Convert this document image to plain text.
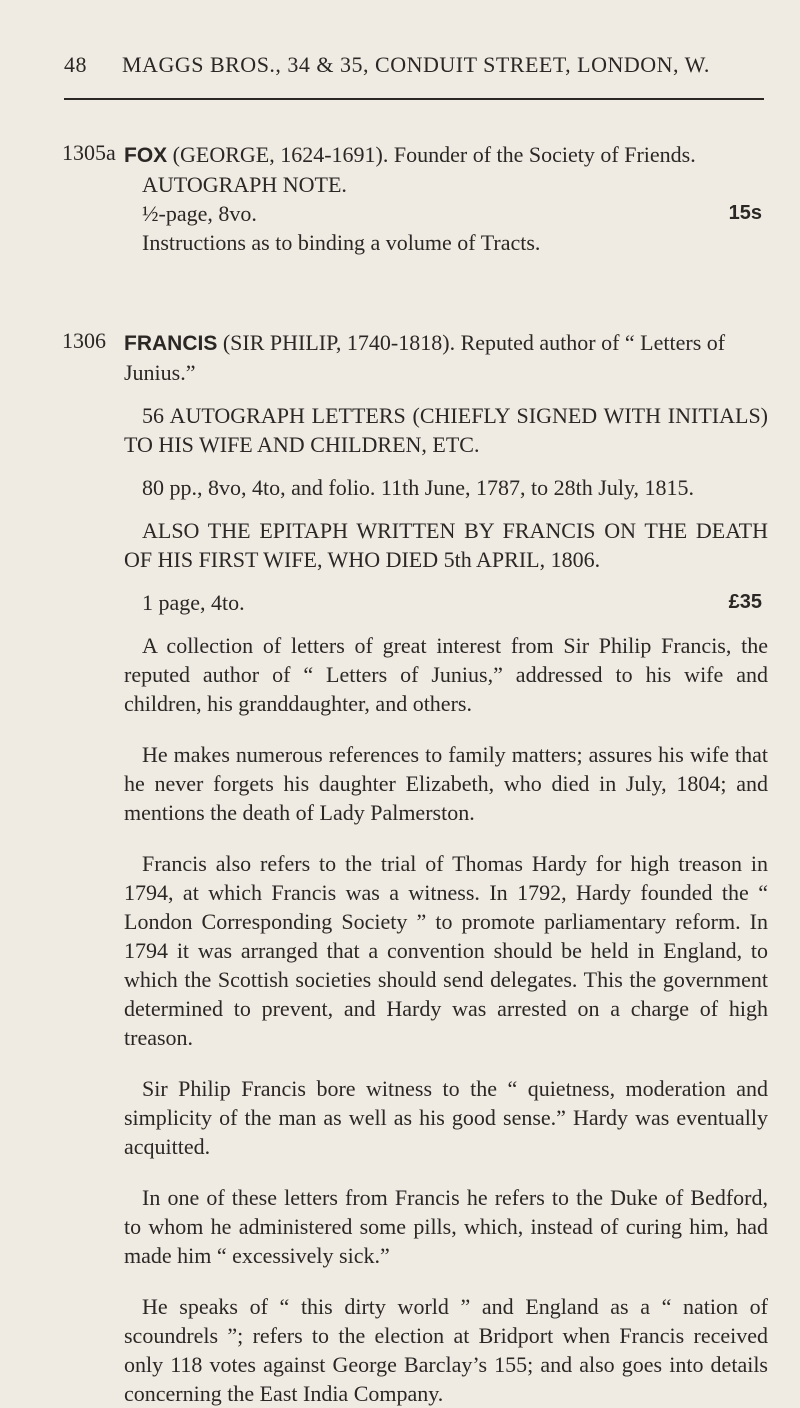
48 MAGGS BROS., 34 & 35, CONDUIT STREET, LONDON, W.
1305a FOX (GEORGE, 1624-1691). Founder of the Society of Friends.

AUTOGRAPH NOTE.

½-page, 8vo.	15s

Instructions as to binding a volume of Tracts.

1306 FRANCIS (SIR PHILIP, 1740-1818). Reputed author of “ Letters of Junius.”

56 AUTOGRAPH LETTERS (CHIEFLY SIGNED WITH INITIALS) TO HIS WIFE AND CHILDREN, ETC.

80 pp., 8vo, 4to, and folio. 11th June, 1787, to 28th July, 1815.

ALSO THE EPITAPH WRITTEN BY FRANCIS ON THE DEATH OF HIS FIRST WIFE, WHO DIED 5th APRIL, 1806.

1 page, 4to.	£35

A collection of letters of great interest from Sir Philip Francis, the reputed author of “ Letters of Junius,” addressed to his wife and children, his granddaughter, and others.

He makes numerous references to family matters; assures his wife that he never forgets his daughter Elizabeth, who died in July, 1804; and mentions the death of Lady Palmerston.

Francis also refers to the trial of Thomas Hardy for high treason in 1794, at which Francis was a witness. In 1792, Hardy founded the “ London Corresponding Society ” to promote parliamentary reform. In 1794 it was arranged that a convention should be held in England, to which the Scottish societies should send delegates. This the government determined to prevent, and Hardy was arrested on a charge of high treason.

Sir Philip Francis bore witness to the “ quietness, moderation and simplicity of the man as well as his good sense.” Hardy was eventually acquitted.

In one of these letters from Francis he refers to the Duke of Bedford, to whom he administered some pills, which, instead of curing him, had made him “ excessively sick.”

He speaks of “ this dirty world ” and England as a “ nation of scoundrels ”; refers to the election at Bridport when Francis received only 118 votes against George Barclay’s 155; and also goes into details concerning the East India Company.
